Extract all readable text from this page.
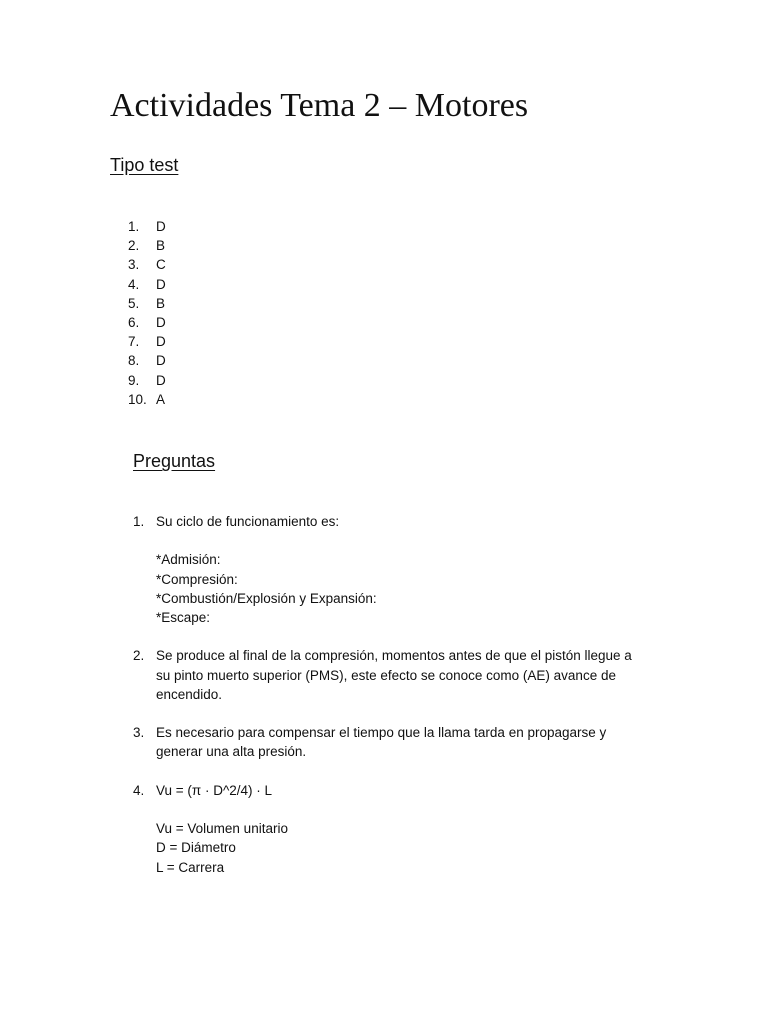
Actividades Tema 2 – Motores
Tipo test
1. D
2. B
3. C
4. D
5. B
6. D
7. D
8. D
9. D
10. A
Preguntas
1. Su ciclo de funcionamiento es:

*Admisión:

*Compresión:

*Combustión/Explosión y Expansión:

*Escape:

2. Se produce al final de la compresión, momentos antes de que el pistón llegue a

su pinto muerto superior (PMS), este efecto se conoce como (AE) avance de

encendido.

3. Es necesario para compensar el tiempo que la llama tarda en propagarse y

generar una alta presión.

4. Vu = (π · D^2/4) · L

Vu = Volumen unitario

D = Diámetro

L = Carrera
